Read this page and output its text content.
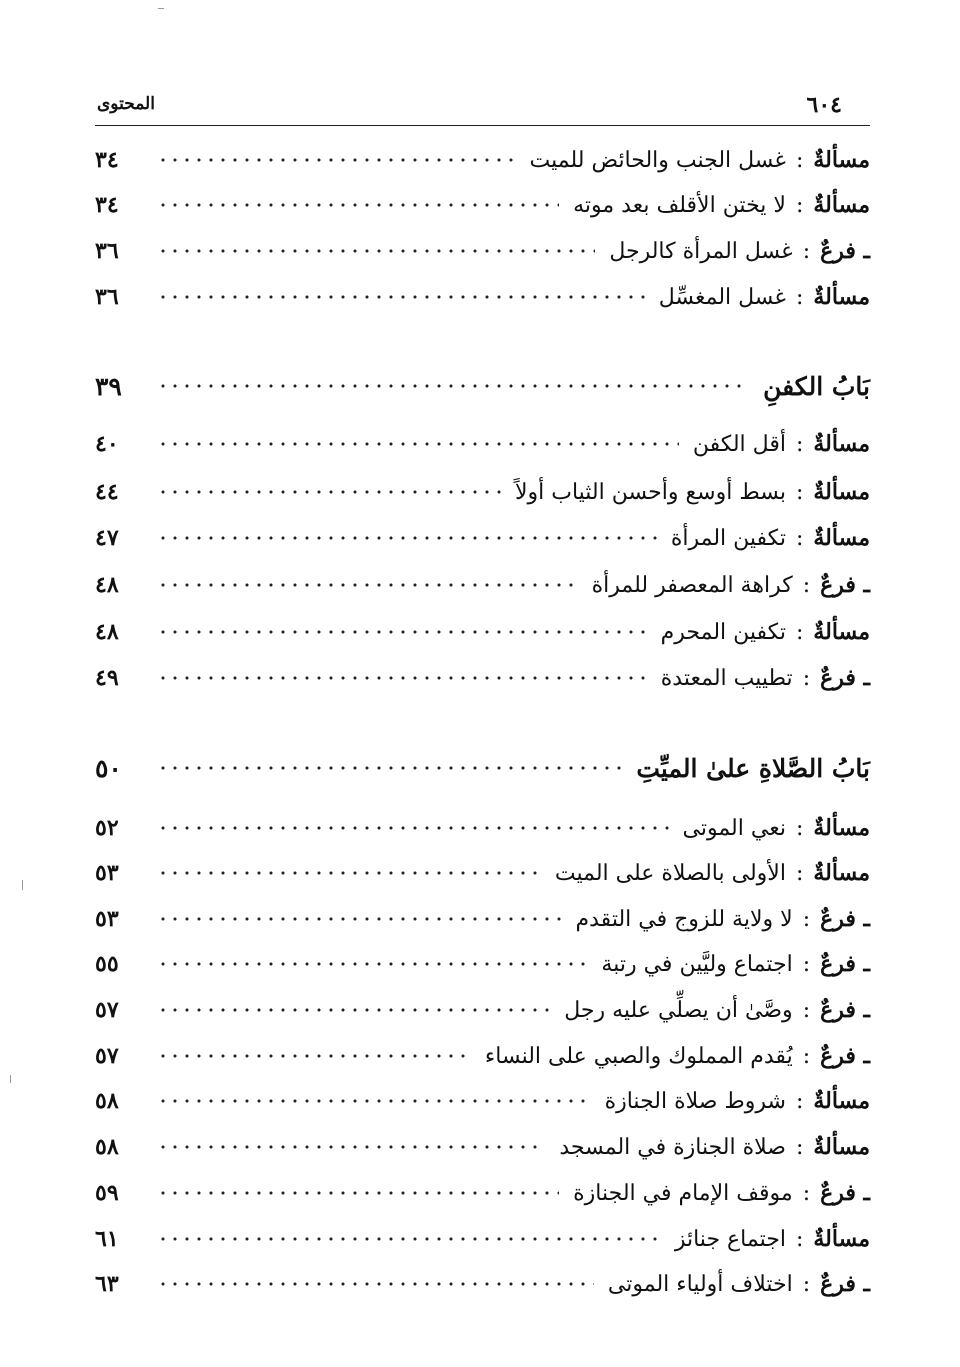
٦٠٤
المحتوى
مسألةٌ
:
غسل الجنب والحائض للميت
٣٤
مسألةٌ
:
لا يختن الأقلف بعد موته
٣٤
ـ فرعٌ
:
غسل المرأة كالرجل
٣٦
مسألةٌ
:
غسل المغسِّل
٣٦
بَابُ الكفنِ
٣٩
مسألةٌ
:
أقل الكفن
٤٠
مسألةٌ
:
بسط أوسع وأحسن الثياب أولاً
٤٤
مسألةٌ
:
تكفين المرأة
٤٧
ـ فرعٌ
:
كراهة المعصفر للمرأة
٤٨
مسألةٌ
:
تكفين المحرم
٤٨
ـ فرعٌ
:
تطييب المعتدة
٤٩
بَابُ الصَّلاةِ علىٰ الميِّتِ
٥٠
مسألةٌ
:
نعي الموتى
٥٢
مسألةٌ
:
الأولى بالصلاة على الميت
٥٣
ـ فرعٌ
:
لا ولاية للزوج في التقدم
٥٣
ـ فرعٌ
:
اجتماع وليَّين في رتبة
٥٥
ـ فرعٌ
:
وصَّىٰ أن يصلِّي عليه رجل
٥٧
ـ فرعٌ
:
يُقدم المملوك والصبي على النساء
٥٧
مسألةٌ
:
شروط صلاة الجنازة
٥٨
مسألةٌ
:
صلاة الجنازة في المسجد
٥٨
ـ فرعٌ
:
موقف الإمام في الجنازة
٥٩
مسألةٌ
:
اجتماع جنائز
٦١
ـ فرعٌ
:
اختلاف أولياء الموتى
٦٣
